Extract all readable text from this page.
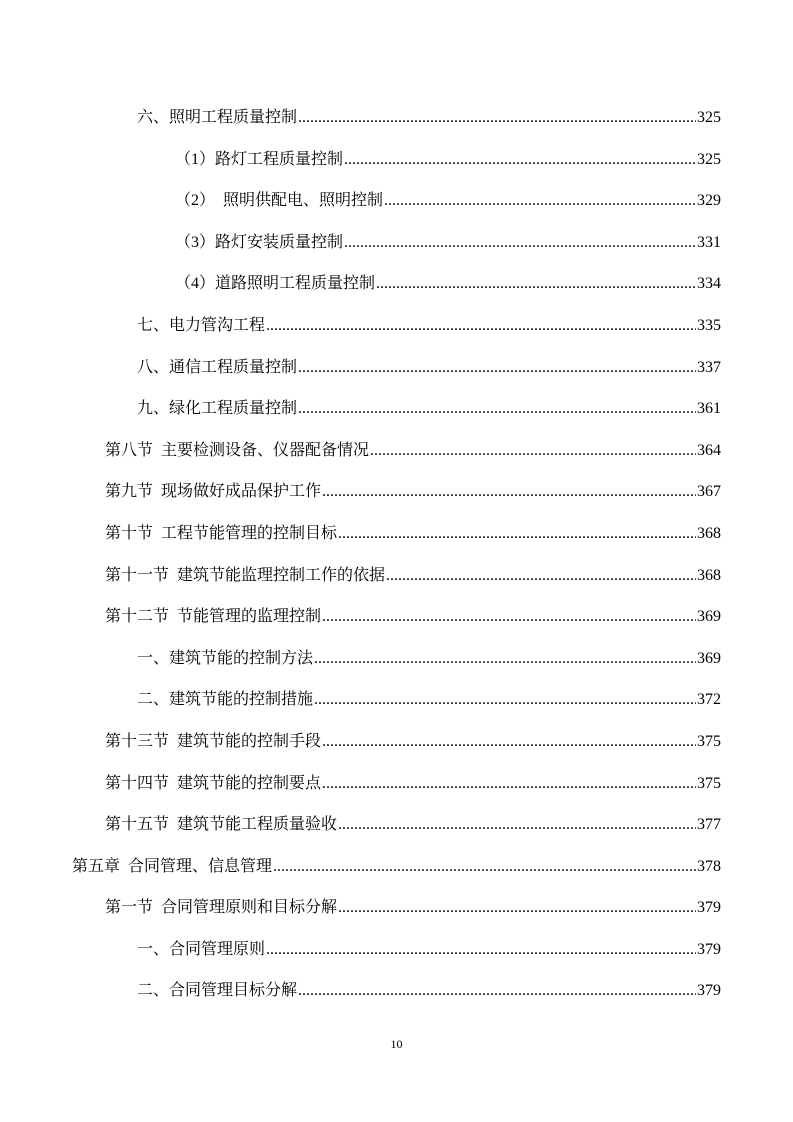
六、照明工程质量控制 .....	325
（1）路灯工程质量控制 .....	325
（2）  照明供配电、照明控制 .....	329
（3）路灯安装质量控制 .....	331
（4）道路照明工程质量控制 .....	334
七、电力管沟工程 .....	335
八、通信工程质量控制 .....	337
九、绿化工程质量控制 .....	361
第八节  主要检测设备、仪器配备情况 .....	364
第九节  现场做好成品保护工作 .....	367
第十节  工程节能管理的控制目标 .....	368
第十一节  建筑节能监理控制工作的依据 .....	368
第十二节  节能管理的监理控制 .....	369
一、建筑节能的控制方法 .....	369
二、建筑节能的控制措施 .....	372
第十三节  建筑节能的控制手段 .....	375
第十四节  建筑节能的控制要点 .....	375
第十五节  建筑节能工程质量验收 .....	377
第五章  合同管理、信息管理 .....	378
第一节  合同管理原则和目标分解 .....	379
一、合同管理原则 .....	379
二、合同管理目标分解 .....	379
10
